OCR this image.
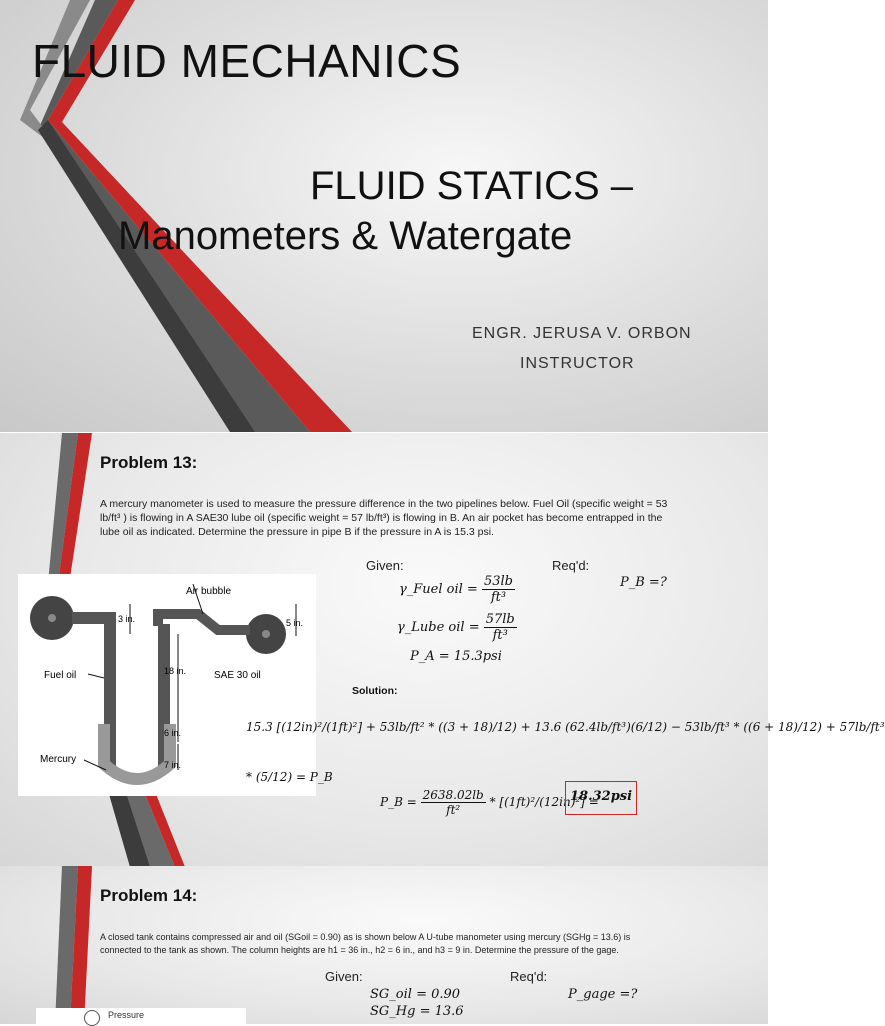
FLUID MECHANICS
FLUID STATICS –
Manometers & Watergate
ENGR. JERUSA V. ORBON
INSTRUCTOR
Problem 13:
A mercury manometer is used to measure the pressure difference in the two pipelines below. Fuel Oil (specific weight = 53
lb/ft³ ) is flowing in A SAE30 lube oil (specific weight = 57 lb/ft³) is flowing in B. An air pocket has become entrapped in the
lube oil as indicated. Determine the pressure in pipe B if the pressure in A is 15.3 psi.
Air bubble
3 in.	5 in.
Fuel oil	18 in.	SAE 30 oil
6 in.
Mercury	7 in.
Given:	Req'd:
P_B =?
γ_Fuel oil = $\frac{53lb}{\text{ft³}}$
γ_Lube oil = $\frac{57lb}{\text{ft³}}$
P_A = 15.3psi
Solution:
15.3 [(12in)²/(1ft)²] + 53lb/ft² * ((3 + 18)/12) + 13.6 (62.4lb/ft³)(6/12) − 53lb/ft³ * ((6 + 18)/12) + 57lb/ft³
* (5/12) = P_B
P_B = $\frac{2638.02lb}{\text{ft²}} * [(1ft)^2/(12in)^2]$ =
18.32psi
Problem 14:
A closed tank contains compressed air and oil (SGoil = 0.90) as is shown below A U-tube manometer using mercury (SGHg = 13.6) is
connected to the tank as shown. The column heights are h1 = 36 in., h2 = 6 in., and h3 = 9 in. Determine the pressure of the gage.
Given:	Req'd:
SG_oil = 0.90
SG_Hg = 13.6
P_gage =?
Pressure
